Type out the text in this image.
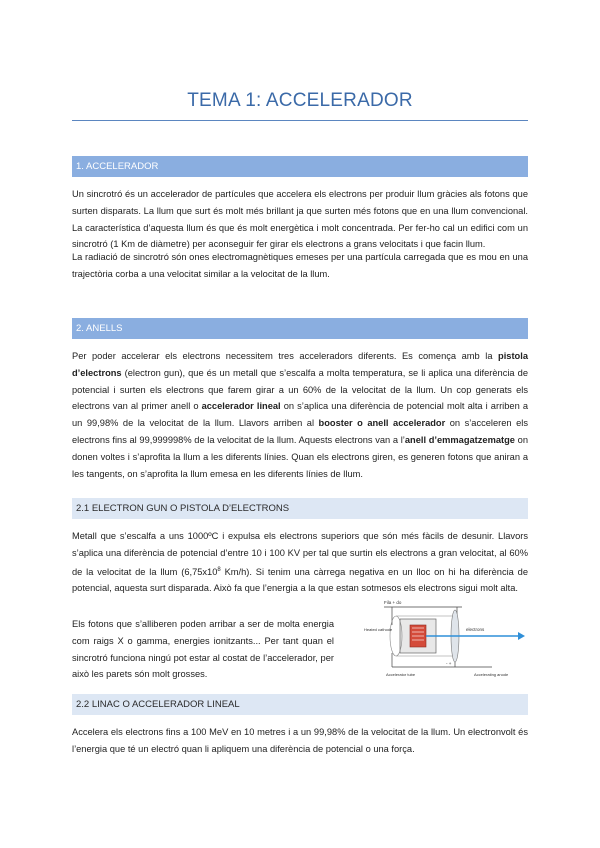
TEMA 1: ACCELERADOR
1. ACCELERADOR

Un sincrotró és un accelerador de partícules que accelera els electrons per produir llum gràcies als fotons que surten disparats. La llum que surt és molt més brillant ja que surten més fotons que en una llum convencional. La característica d’aquesta llum és que és molt energètica i molt concentrada. Per fer-ho cal un edifici com un sincrotró (1 Km de diàmetre) per aconseguir fer girar els electrons a grans velocitats i que facin llum.

La radiació de sincrotró són ones electromagnètiques emeses per una partícula carregada que es mou en una trajectòria corba a una velocitat similar a la velocitat de la llum.

2. ANELLS

Per poder accelerar els electrons necessitem tres acceleradors diferents. Es comença amb la pistola d’electrons (electron gun), que és un metall que s’escalfa a molta temperatura, se li aplica una diferència de potencial i surten els electrons que farem girar a un 60% de la velocitat de la llum. Un cop generats els electrons van al primer anell o accelerador lineal on s’aplica una diferència de potencial molt alta i arriben a un 99,98% de la velocitat de la llum. Llavors arriben al booster o anell accelerador on s’acceleren els electrons fins al 99,999998% de la velocitat de la llum. Aquests electrons van a l’anell d’emmagatzematge on donen voltes i s’aprofita la llum a les diferents línies. Quan els electrons giren, es generen fotons que aniran a les tangents, on s’aprofita la llum emesa en les diferents línies de llum.

2.1 ELECTRON GUN O PISTOLA D’ELECTRONS

Metall que s’escalfa a uns 1000ºC i expulsa els electrons superiors que són més fàcils de desunir. Llavors s’aplica una diferència de potencial d’entre 10 i 100 KV per tal que surtin els electrons a gran velocitat, al 60% de la velocitat de la llum ($6,75x10^8$ Km/h). Si tenim una càrrega negativa en un lloc on hi ha diferència de potencial, aquesta surt disparada. Això fa que l’energia a la que estan sotmesos els electrons sigui molt alta.

Els fotons que s’alliberen poden arribar a ser de molta energia com raigs X o gamma, energies ionitzants... Per tant quan el sincrotró funciona ningú pot estar al costat de l’accelerador, per això les parets són molt grosses.

Fila + do
electrons
Heated cathode
- +
Accelerator tube	Accelerating anode
2.2 LINAC O ACCELERADOR LINEAL

Accelera els electrons fins a 100 MeV en 10 metres i a un 99,98% de la velocitat de la llum. Un electronvolt és l’energia que té un electró quan li apliquem una diferència de potencial o una força.
